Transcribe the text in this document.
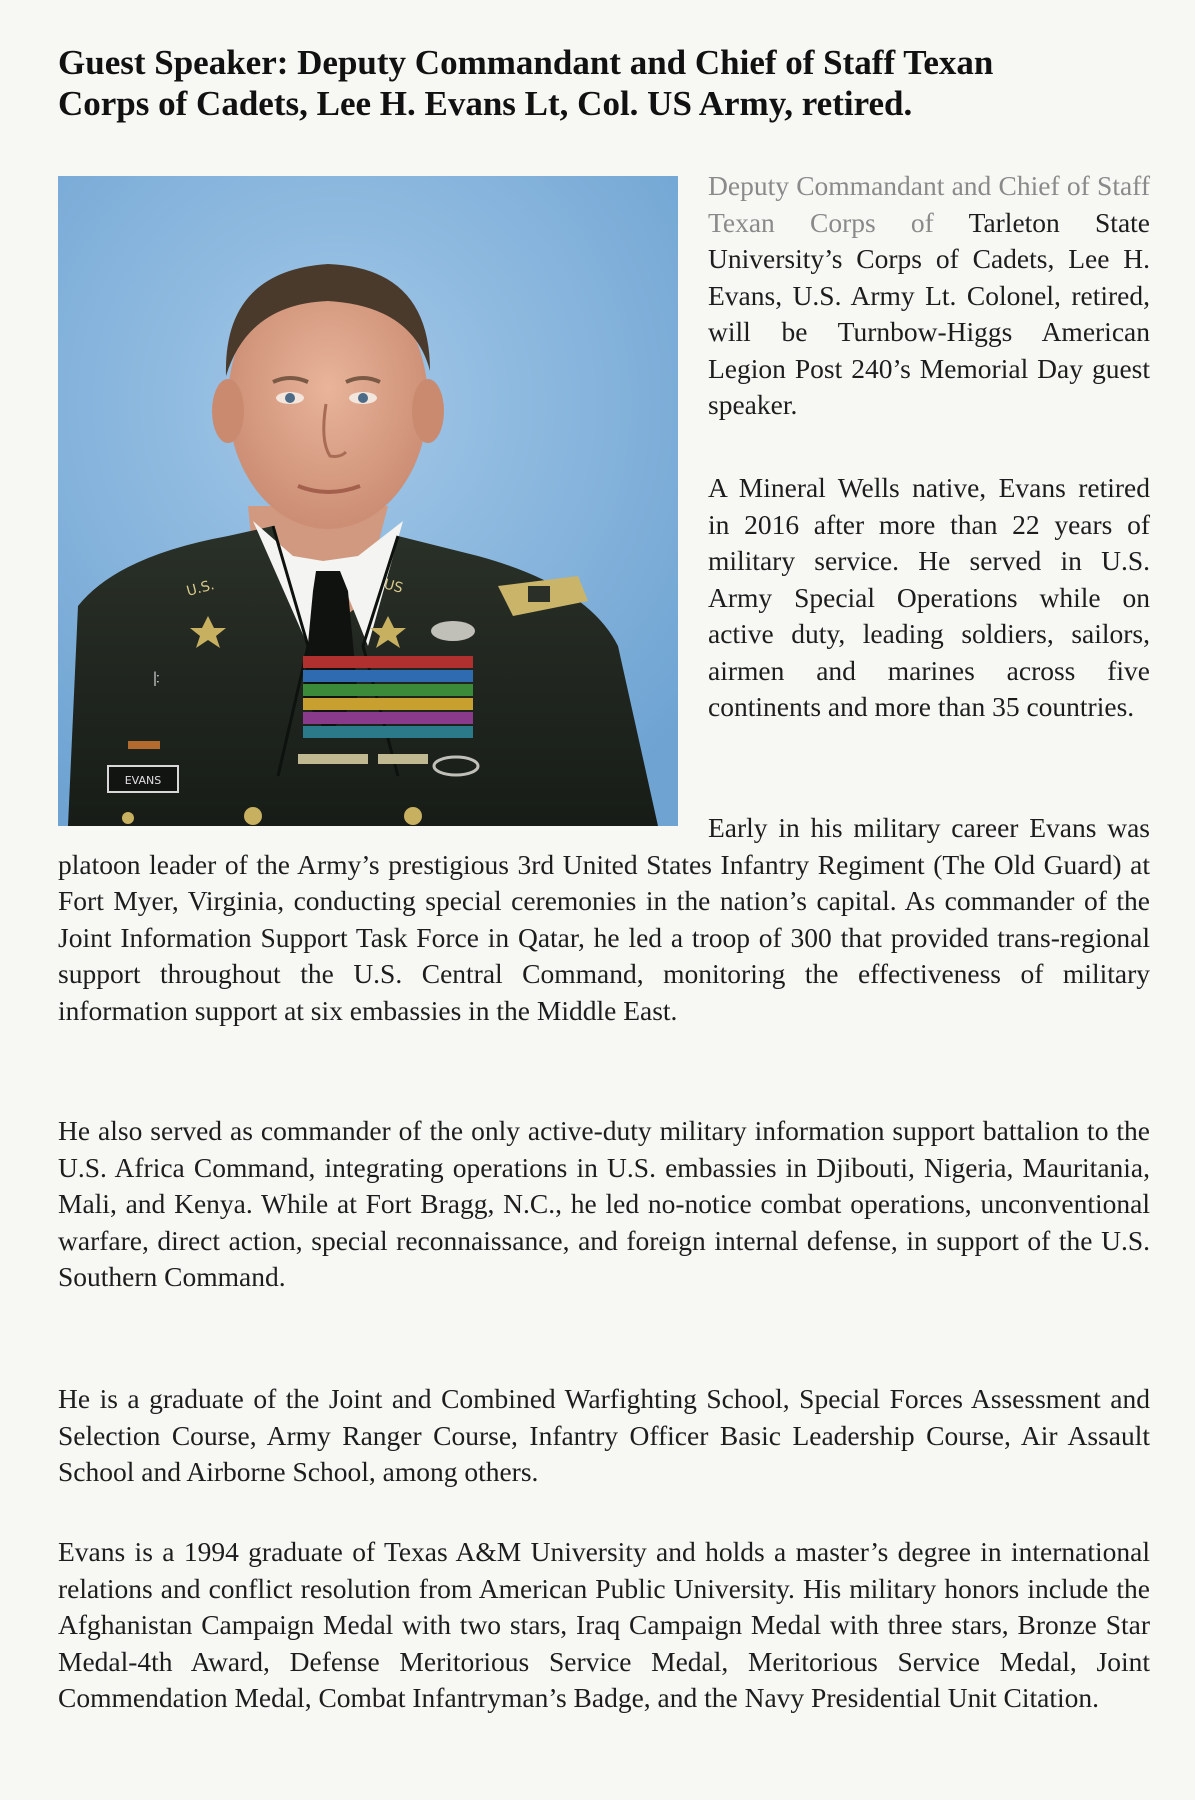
Guest Speaker: Deputy Commandant and Chief of Staff Texan
Corps of Cadets, Lee H. Evans Lt, Col. US Army, retired.
U.S.	US
ꖎ
EVANS

Deputy Commandant and Chief of Staff Texan Corps of Tarleton State University’s Corps of Cadets, Lee H. Evans, U.S. Army Lt. Colonel, retired, will be Turnbow-Higgs American Legion Post 240’s Memorial Day guest speaker.

A Mineral Wells native, Evans retired in 2016 after more than 22 years of military service. He served in U.S. Army Special Operations while on active duty, leading soldiers, sailors, airmen and marines across five continents and more than 35 countries.

Early in his military career Evans was platoon leader of the Army’s prestigious 3rd United States Infantry Regiment (The Old Guard) at Fort Myer, Virginia, conducting special ceremonies in the nation’s capital. As commander of the Joint Information Support Task Force in Qatar, he led a troop of 300 that provided trans-regional support throughout the U.S. Central Command, monitoring the effectiveness of military information support at six embassies in the Middle East.

He also served as commander of the only active-duty military information support battalion to the U.S. Africa Command, integrating operations in U.S. embassies in Djibouti, Nigeria, Mauritania, Mali, and Kenya. While at Fort Bragg, N.C., he led no-notice combat operations, unconventional warfare, direct action, special reconnaissance, and foreign internal defense, in support of the U.S. Southern Command.

He is a graduate of the Joint and Combined Warfighting School, Special Forces Assessment and Selection Course, Army Ranger Course, Infantry Officer Basic Leadership Course, Air Assault School and Airborne School, among others.

Evans is a 1994 graduate of Texas A&M University and holds a master’s degree in international relations and conflict resolution from American Public University. His military honors include the Afghanistan Campaign Medal with two stars, Iraq Campaign Medal with three stars, Bronze Star Medal-4th Award, Defense Meritorious Service Medal, Meritorious Service Medal, Joint Commendation Medal, Combat Infantryman’s Badge, and the Navy Presidential Unit Citation.
